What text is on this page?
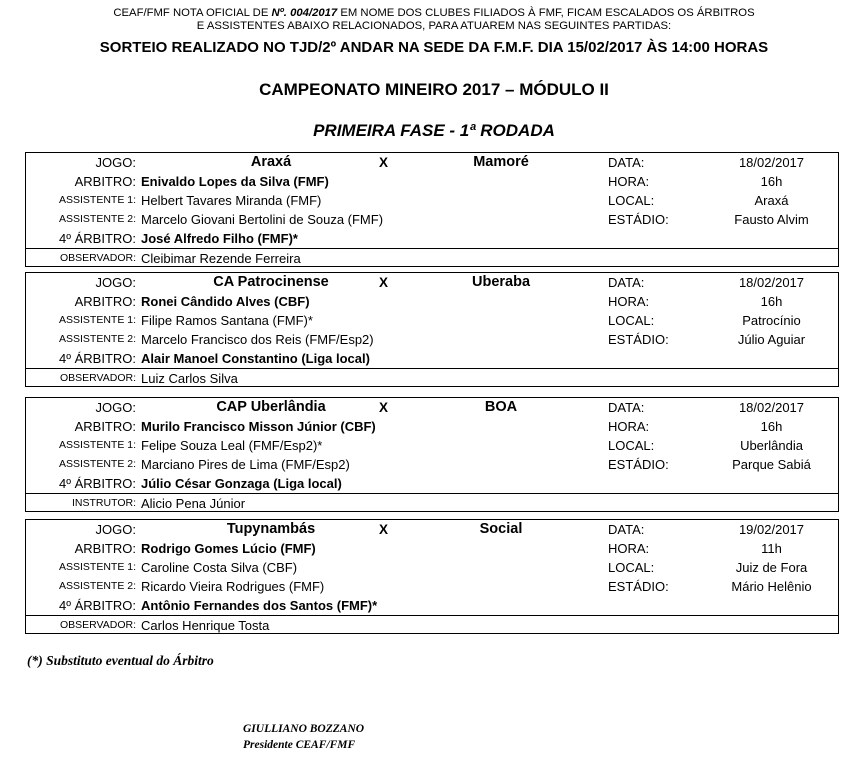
CEAF/FMF NOTA OFICIAL DE Nº. 004/2017 EM NOME DOS CLUBES FILIADOS À FMF, FICAM ESCALADOS OS ÁRBITROS
E ASSISTENTES ABAIXO RELACIONADOS, PARA ATUAREM NAS SEGUINTES PARTIDAS:
SORTEIO REALIZADO NO TJD/2º ANDAR NA SEDE DA F.M.F. DIA 15/02/2017 ÀS 14:00 HORAS
CAMPEONATO MINEIRO 2017 – MÓDULO II
PRIMEIRA FASE - 1ª RODADA
JOGO:	Araxá	X	Mamoré	DATA:	18/02/2017
ARBITRO: Enivaldo Lopes da Silva (FMF)	HORA:	16h
ASSISTENTE 1: Helbert Tavares Miranda (FMF)	LOCAL:	Araxá
ASSISTENTE 2: Marcelo Giovani Bertolini de Souza (FMF)	ESTÁDIO:	Fausto Alvim
4º ÁRBITRO: José Alfredo Filho (FMF)*
OBSERVADOR: Cleibimar Rezende Ferreira
JOGO:	CA Patrocinense	X	Uberaba	DATA:	18/02/2017
ARBITRO: Ronei Cândido Alves (CBF)	HORA:	16h
ASSISTENTE 1: Filipe Ramos Santana (FMF)*	LOCAL:	Patrocínio
ASSISTENTE 2: Marcelo Francisco dos Reis (FMF/Esp2)	ESTÁDIO:	Júlio Aguiar
4º ÁRBITRO: Alair Manoel Constantino (Liga local)
OBSERVADOR: Luiz Carlos Silva
JOGO:	CAP Uberlândia	X	BOA	DATA:	18/02/2017
ARBITRO: Murilo Francisco Misson Júnior (CBF)	HORA:	16h
ASSISTENTE 1: Felipe Souza Leal (FMF/Esp2)*	LOCAL:	Uberlândia
ASSISTENTE 2: Marciano Pires de Lima (FMF/Esp2)	ESTÁDIO:	Parque Sabiá
4º ÁRBITRO: Júlio César Gonzaga (Liga local)
INSTRUTOR: Alicio Pena Júnior
JOGO:	Tupynambás	X	Social	DATA:	19/02/2017
ARBITRO: Rodrigo Gomes Lúcio (FMF)	HORA:	11h
ASSISTENTE 1: Caroline Costa Silva (CBF)	LOCAL:	Juiz de Fora
ASSISTENTE 2: Ricardo Vieira Rodrigues (FMF)	ESTÁDIO:	Mário Helênio
4º ÁRBITRO: Antônio Fernandes dos Santos (FMF)*
OBSERVADOR: Carlos Henrique Tosta
(*) Substituto eventual do Árbitro
GIULLIANO BOZZANO
Presidente CEAF/FMF
